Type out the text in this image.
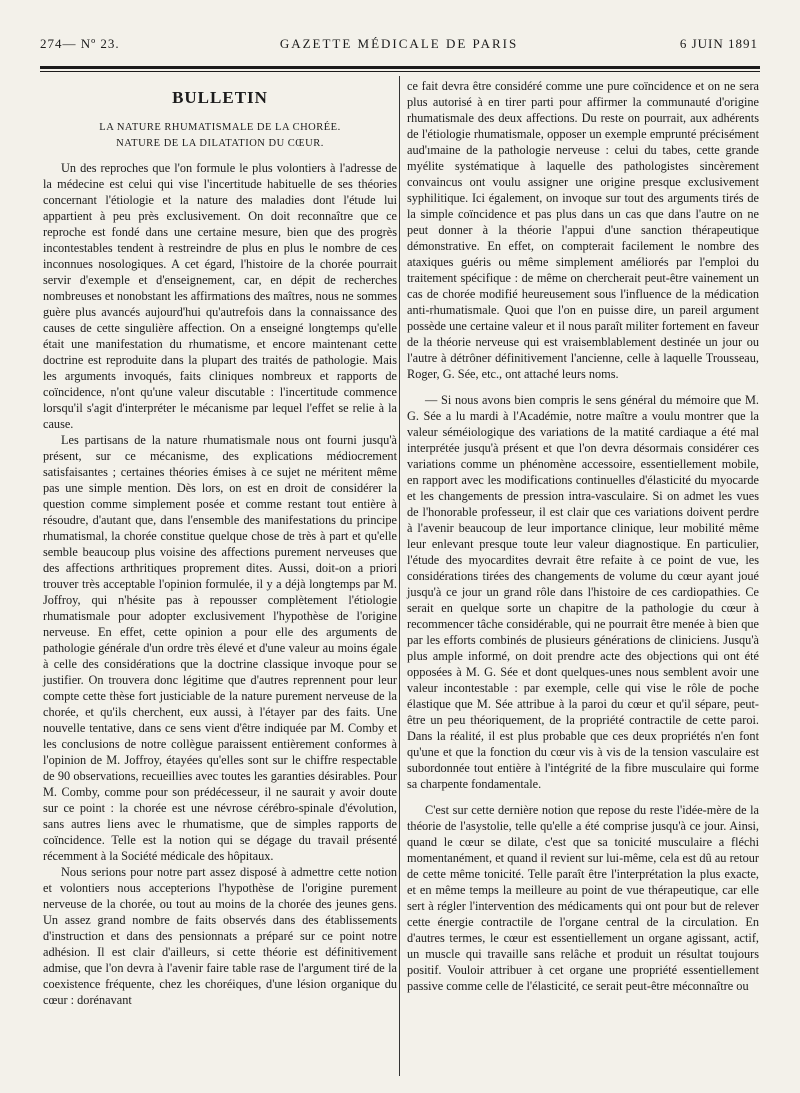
274— Nº 23.	GAZETTE MÉDICALE DE PARIS	6 JUIN 1891
BULLETIN
LA NATURE RHUMATISMALE DE LA CHORÉE.
NATURE DE LA DILATATION DU CŒUR.

Un des reproches que l'on formule le plus volontiers à l'adresse de la médecine est celui qui vise l'incertitude habituelle de ses théories concernant l'étiologie et la nature des maladies dont l'étude lui appartient à peu près exclusivement. On doit reconnaître que ce reproche est fondé dans une certaine mesure, bien que des progrès incontestables tendent à restreindre de plus en plus le nombre de ces inconnues nosologiques. A cet égard, l'histoire de la chorée pourrait servir d'exemple et d'enseignement, car, en dépit de recherches nombreuses et nonobstant les affirmations des maîtres, nous ne sommes guère plus avancés aujourd'hui qu'autrefois dans la connaissance des causes de cette singulière affection. On a enseigné longtemps qu'elle était une manifestation du rhumatisme, et encore maintenant cette doctrine est reproduite dans la plupart des traités de pathologie. Mais les arguments invoqués, faits cliniques nombreux et rapports de coïncidence, n'ont qu'une valeur discutable : l'incertitude commence lorsqu'il s'agit d'interpréter le mécanisme par lequel l'effet se relie à la cause.

Les partisans de la nature rhumatismale nous ont fourni jusqu'à présent, sur ce mécanisme, des explications médiocrement satisfaisantes ; certaines théories émises à ce sujet ne méritent même pas une simple mention. Dès lors, on est en droit de considérer la question comme simplement posée et comme restant tout entière à résoudre, d'autant que, dans l'ensemble des manifestations du principe rhumatismal, la chorée constitue quelque chose de très à part et qu'elle semble beaucoup plus voisine des affections purement nerveuses que des affections arthritiques proprement dites. Aussi, doit-on a priori trouver très acceptable l'opinion formulée, il y a déjà longtemps par M. Joffroy, qui n'hésite pas à repousser complètement l'étiologie rhumatismale pour adopter exclusivement l'hypothèse de l'origine nerveuse. En effet, cette opinion a pour elle des arguments de pathologie générale d'un ordre très élevé et d'une valeur au moins égale à celle des considérations que la doctrine classique invoque pour se justifier. On trouvera donc légitime que d'autres reprennent pour leur compte cette thèse fort justiciable de la nature purement nerveuse de la chorée, et qu'ils cherchent, eux aussi, à l'étayer par des faits. Une nouvelle tentative, dans ce sens vient d'être indiquée par M. Comby et les conclusions de notre collègue paraissent entièrement conformes à l'opinion de M. Joffroy, étayées qu'elles sont sur le chiffre respectable de 90 observations, recueillies avec toutes les garanties désirables. Pour M. Comby, comme pour son prédécesseur, il ne saurait y avoir doute sur ce point : la chorée est une névrose cérébro-spinale d'évolution, sans autres liens avec le rhumatisme, que de simples rapports de coïncidence. Telle est la notion qui se dégage du travail présenté récemment à la Société médicale des hôpitaux.

Nous serions pour notre part assez disposé à admettre cette notion et volontiers nous accepterions l'hypothèse de l'origine purement nerveuse de la chorée, ou tout au moins de la chorée des jeunes gens. Un assez grand nombre de faits observés dans des établissements d'instruction et dans des pensionnats a préparé sur ce point notre adhésion. Il est clair d'ailleurs, si cette théorie est définitivement admise, que l'on devra à l'avenir faire table rase de l'argument tiré de la coexistence fréquente, chez les choréiques, d'une lésion organique du cœur : dorénavant

ce fait devra être considéré comme une pure coïncidence et on ne sera plus autorisé à en tirer parti pour affirmer la communauté d'origine rhumatismale des deux affections. Du reste on pourrait, aux adhérents de l'étiologie rhumatismale, opposer un exemple emprunté précisément aud'ımaine de la pathologie nerveuse : celui du tabes, cette grande myélite systématique à laquelle des pathologistes sincèrement convaincus ont voulu assigner une origine presque exclusivement syphilitique. Ici également, on invoque sur tout des arguments tirés de la simple coïncidence et pas plus dans un cas que dans l'autre on ne peut donner à la théorie l'appui d'une sanction thérapeutique démonstrative. En effet, on compterait facilement le nombre des ataxiques guéris ou même simplement améliorés par l'emploi du traitement spécifique : de même on chercherait peut-être vainement un cas de chorée modifié heureusement sous l'influence de la médication anti-rhumatismale. Quoi que l'on en puisse dire, un pareil argument possède une certaine valeur et il nous paraît militer fortement en faveur de la théorie nerveuse qui est vraisemblablement destinée un jour ou l'autre à détrôner définitivement l'ancienne, celle à laquelle Trousseau, Roger, G. Sée, etc., ont attaché leurs noms.

— Si nous avons bien compris le sens général du mémoire que M. G. Sée a lu mardi à l'Académie, notre maître a voulu montrer que la valeur séméiologique des variations de la matité cardiaque a été mal interprétée jusqu'à présent et que l'on devra désormais considérer ces variations comme un phénomène accessoire, essentiellement mobile, en rapport avec les modifications continuelles d'élasticité du myocarde et les changements de pression intra-vasculaire. Si on admet les vues de l'honorable professeur, il est clair que ces variations doivent perdre à l'avenir beaucoup de leur importance clinique, leur mobilité même leur enlevant presque toute leur valeur diagnostique. En particulier, l'étude des myocardites devrait être refaite à ce point de vue, les considérations tirées des changements de volume du cœur ayant joué jusqu'à ce jour un grand rôle dans l'histoire de ces cardiopathies. Ce serait en quelque sorte un chapitre de la pathologie du cœur à recommencer tâche considérable, qui ne pourrait être menée à bien que par les efforts combinés de plusieurs générations de cliniciens. Jusqu'à plus ample informé, on doit prendre acte des objections qui ont été opposées à M. G. Sée et dont quelques-unes nous semblent avoir une valeur incontestable : par exemple, celle qui vise le rôle de poche élastique que M. Sée attribue à la paroi du cœur et qu'il sépare, peut-être un peu théoriquement, de la propriété contractile de cette paroi. Dans la réalité, il est plus probable que ces deux propriétés n'en font qu'une et que la fonction du cœur vis à vis de la tension vasculaire est subordonnée tout entière à l'intégrité de la fibre musculaire qui forme sa charpente fondamentale.

C'est sur cette dernière notion que repose du reste l'idée-mère de la théorie de l'asystolie, telle qu'elle a été comprise jusqu'à ce jour. Ainsi, quand le cœur se dilate, c'est que sa tonicité musculaire a fléchi momentanément, et quand il revient sur lui-même, cela est dû au retour de cette même tonicité. Telle paraît être l'interprétation la plus exacte, et en même temps la meilleure au point de vue thérapeutique, car elle sert à régler l'intervention des médicaments qui ont pour but de relever cette énergie contractile de l'organe central de la circulation. En d'autres termes, le cœur est essentiellement un organe agissant, actif, un muscle qui travaille sans relâche et produit un résultat toujours positif. Vouloir attribuer à cet organe une propriété essentiellement passive comme celle de l'élasticité, ce serait peut-être méconnaître ou
